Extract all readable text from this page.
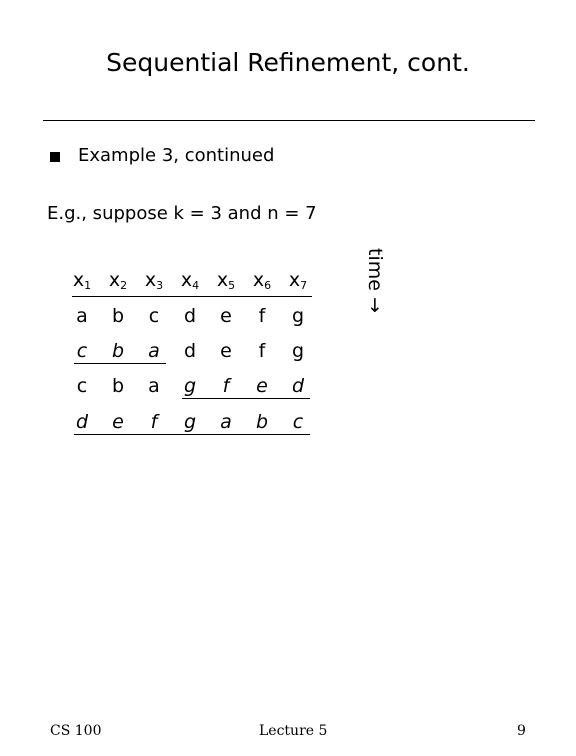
Sequential Refinement, cont.
Example 3, continued
E.g., suppose k = 3 and n = 7
$x_1$ $x_2$ $x_3$ $x_4$ $x_5$ $x_6$ $x_7$
a	b	c	d	e	f	g
c	b	a	d	e	f	g
c	b	a	g	f	e	d
d	e	f	g	a	b	c
time →
CS 100	Lecture 5	9
